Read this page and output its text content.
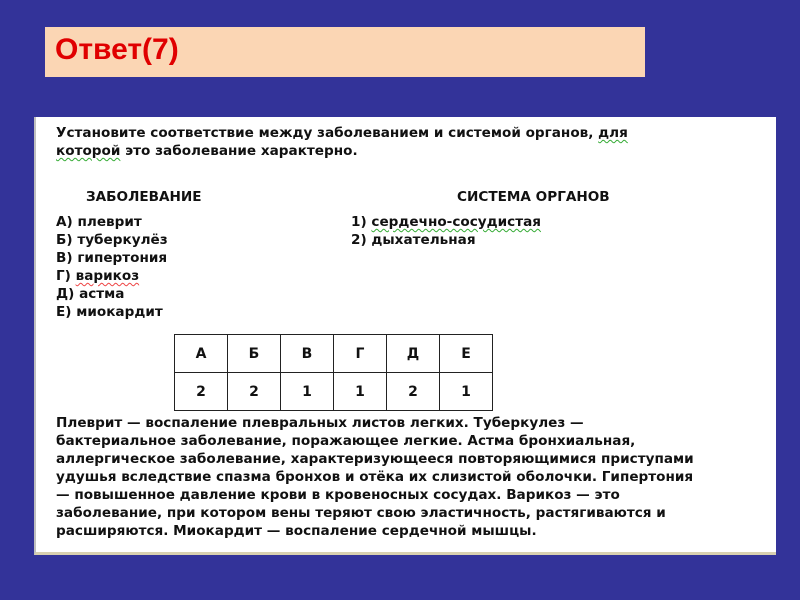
Ответ(7)
Установите соответствие между заболеванием и системой органов, для
которой это заболевание характерно.
ЗАБОЛЕВАНИЕ	СИСТЕМА ОРГАНОВ
А) плеврит
Б) туберкулёз
В) гипертония
Г) варикоз
Д) астма
Е) миокардит
1) сердечно-сосудистая
2) дыхательная
А	Б	В	Г	Д	Е
2	2	1	1	2	1
Плеврит — воспаление плевральных листов легких. Туберкулез —
бактериальное заболевание, поражающее легкие. Астма бронхиальная,
аллергическое заболевание, характеризующееся повторяющимися приступами
удушья вследствие спазма бронхов и отёка их слизистой оболочки. Гипертония
— повышенное давление крови в кровеносных сосудах. Варикоз — это
заболевание, при котором вены теряют свою эластичность, растягиваются и
расширяются. Миокардит — воспаление сердечной мышцы.
